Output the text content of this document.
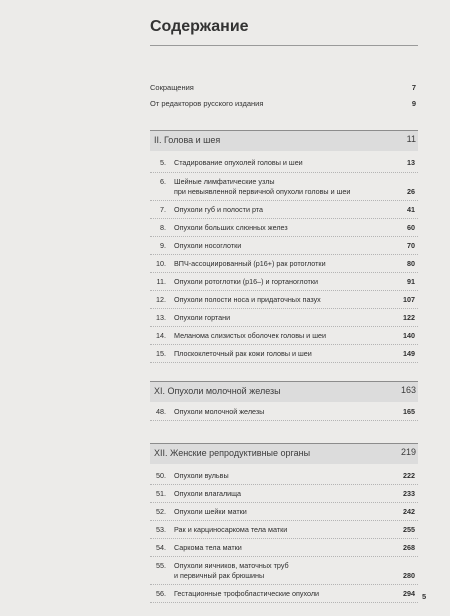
Содержание
Сокращения	7
От редакторов русского издания	9
II. Голова и шея	11
5. Стадирование опухолей головы и шеи	13
6. Шейные лимфатические узлы
при невыявленной первичной опухоли головы и шеи	26
7. Опухоли губ и полости рта	41
8. Опухоли больших слюнных желез	60
9. Опухоли носоглотки	70
10. ВПЧ-ассоциированный (p16+) рак ротоглотки	80
11. Опухоли ротоглотки (p16–) и гортаноглотки	91
12. Опухоли полости носа и придаточных пазух	107
13. Опухоли гортани	122
14. Меланома слизистых оболочек головы и шеи	140
15. Плоскоклеточный рак кожи головы и шеи	149
XI. Опухоли молочной железы	163
48. Опухоли молочной железы	165
XII. Женские репродуктивные органы	219
50. Опухоли вульвы	222
51. Опухоли влагалища	233
52. Опухоли шейки матки	242
53. Рак и карциносаркома тела матки	255
54. Саркома тела матки	268
55. Опухоли яичников, маточных труб
и первичный рак брюшины	280
56. Гестационные трофобластические опухоли	294 5
